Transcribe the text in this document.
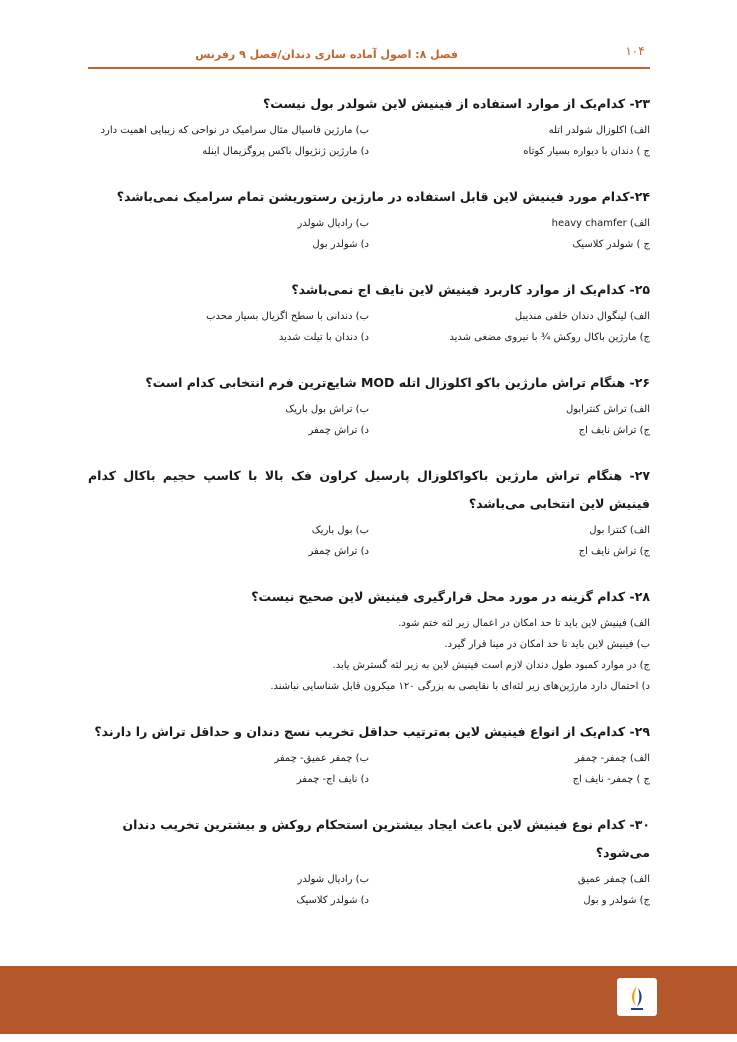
فصل ۸: اصول آماده سازی دندان/فصل ۹ رفرنس	۱۰۴
۲۳- کدام‌یک از موارد استفاده از فینیش لاین شولدر بول نیست؟
الف) اکلوزال شولدر اتله
ب) مارژین فاسیال مثال سرامیک در نواحی که زیبایی اهمیت دارد
ج ) دندان با دیواره بسیار کوتاه
د) مارژین ژنژیوال باکس پروگزیمال اینله
۲۴-کدام مورد فینیش لاین قابل استفاده در مارژین رستوریشن تمام سرامیک نمی‌باشد؟
الف) heavy chamfer
ب) رادیال شولدر
ج ) شولدر کلاسیک
د) شولدر بول
۲۵- کدام‌یک از موارد کاربرد فینیش لاین نایف اج نمی‌باشد؟
الف) لینگوال دندان خلفی مندیبل
ب) دندانی با سطح اگزیال بسیار محدب
ج) مارژین باکال روکش ¾ با نیروی مضغی شدید
د) دندان با تیلت شدید
۲۶- هنگام تراش مارژین باکو اکلوزال اتله MOD شایع‌ترین فرم انتخابی کدام است؟
الف) تراش کنترابول
ب) تراش بول باریک
ج) تراش نایف اج
د) تراش چمفر
۲۷- هنگام تراش مارژین باکواکلوزال پارسیل کراون فک بالا با کاسپ حجیم باکال کدام فینیش لاین انتخابی می‌باشد؟
الف) کنترا بول
ب) بول باریک
ج) تراش نایف اج
د) تراش چمفر
۲۸- کدام گزینه در مورد محل قرارگیری فینیش لاین صحیح نیست؟
الف) فینیش لاین باید تا حد امکان در اعمال زیر لثه ختم شود.
ب) فینیش لاین باید تا حد امکان در مینا قرار گیرد.
ج) در موارد کمبود طول دندان لازم است فینیش لاین به زیر لثه گسترش یابد.
د) احتمال دارد مارژین‌های زیر لثه‌ای با نقایصی به بزرگی ۱۲۰ میکرون قابل شناسایی نباشند.
۲۹- کدام‌یک از انواع فینیش لاین به‌ترتیب حداقل تخریب نسج دندان و حداقل تراش را دارند؟
الف) چمفر- چمفر
ب) چمفر عمیق- چمفر
ج ) چمفر- نایف اج
د) نایف اج- چمفر
۳۰- کدام نوع فینیش لاین باعث ایجاد بیشترین استحکام روکش و بیشترین تخریب دندان می‌شود؟
الف) چمفر عمیق
ب) رادیال شولدر
ج) شولدر و بول
د) شولدر کلاسیک
